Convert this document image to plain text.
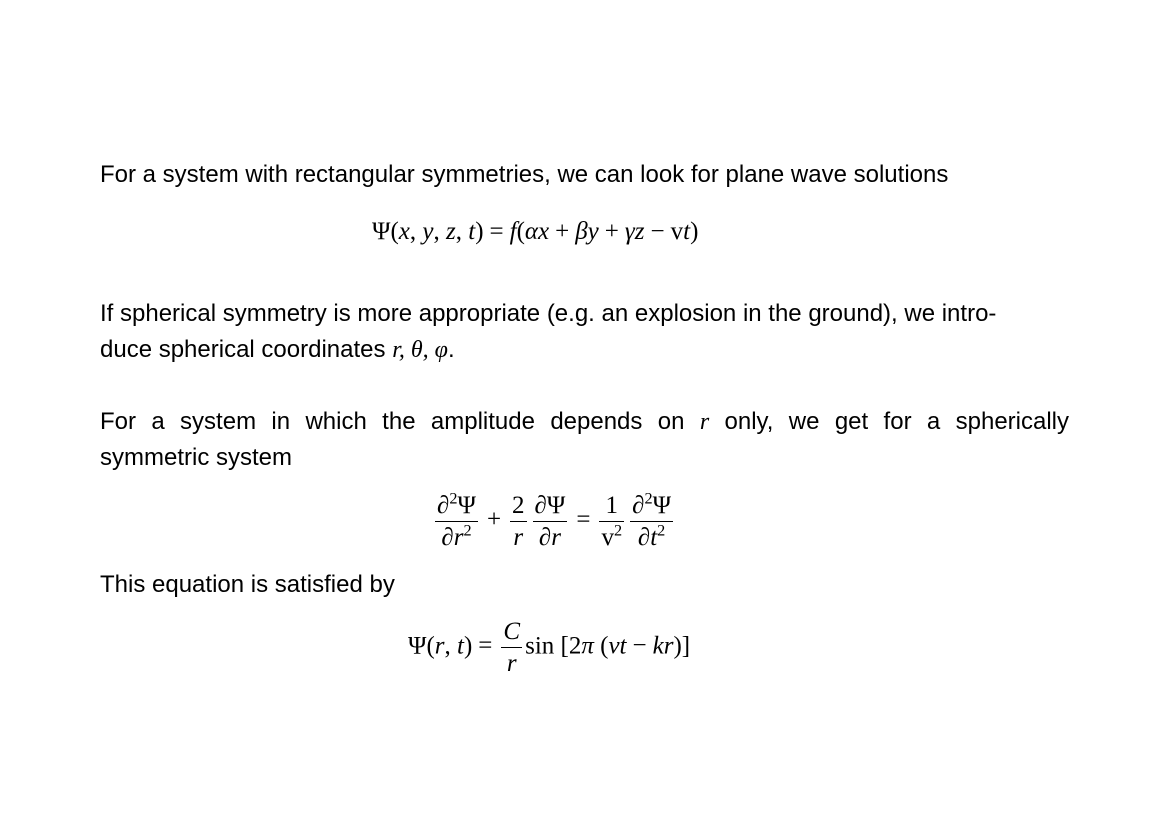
For a system with rectangular symmetries, we can look for plane wave solutions
Ψ(x, y, z, t) = f(αx + βy + γz − vt)
If spherical symmetry is more appropriate (e.g. an explosion in the ground), we intro-
duce spherical coordinates r, θ, φ.
For a system in which the amplitude depends on r only, we get for a spherically
symmetric system
$\frac{\partial^2\Psi}{\partial r^2} + \frac{2}{r} \frac{\partial\Psi}{\partial r} = \frac{1}{v^2} \frac{\partial^2\Psi}{\partial t^2}$
This equation is satisfied by
Ψ(r, $t) = \frac{C}{r}$ sin [2π (νt − kr)]
